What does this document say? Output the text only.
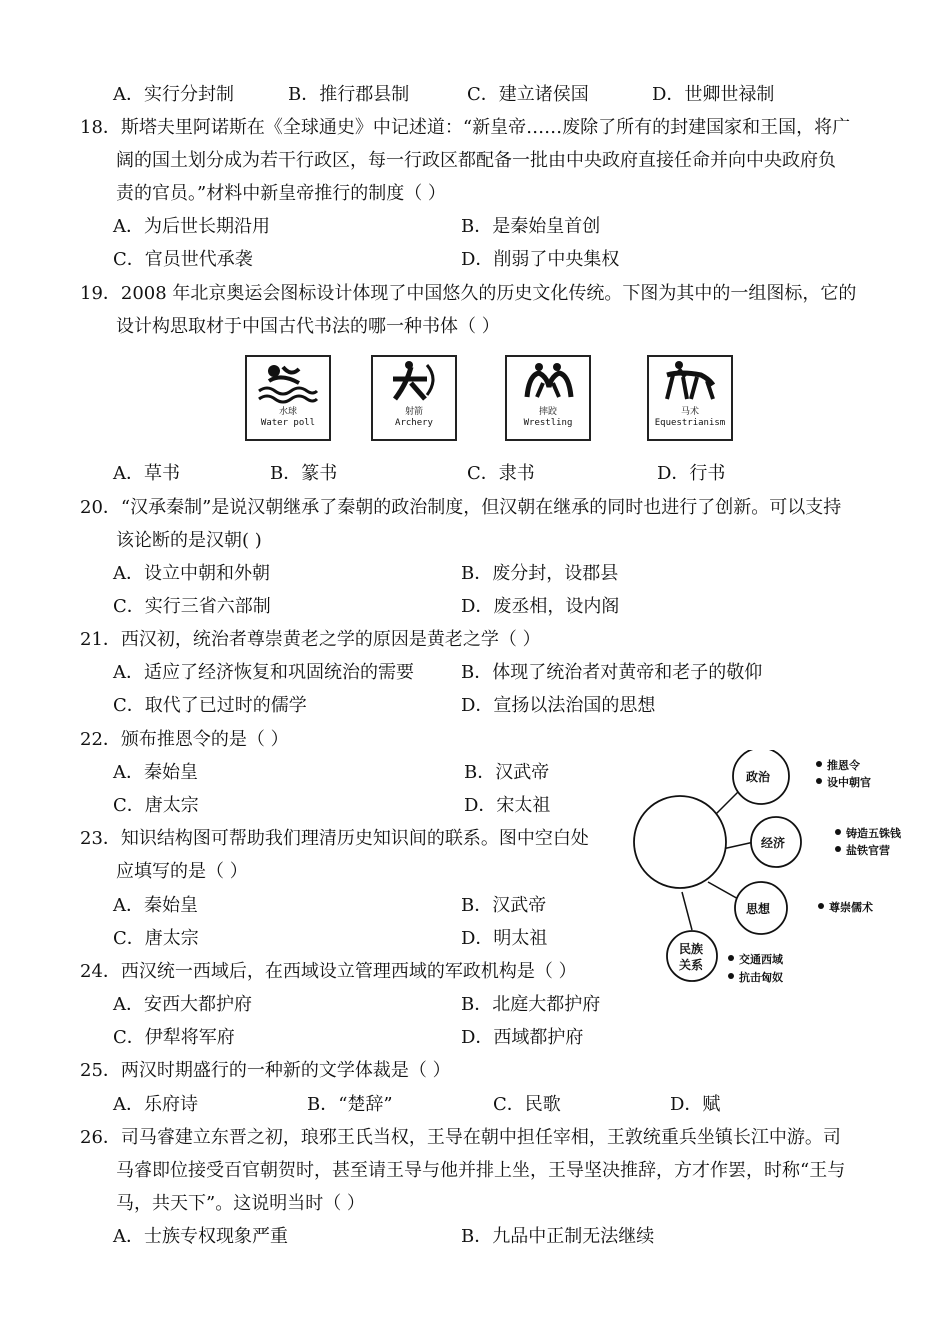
A．实行分封制	B．推行郡县制	C．建立诸侯国	D．世卿世禄制
18．斯塔夫里阿诺斯在《全球通史》中记述道：“新皇帝……废除了所有的封建国家和王国，将广
阔的国土划分成为若干行政区，每一行政区都配备一批由中央政府直接任命并向中央政府负
责的官员。”材料中新皇帝推行的制度（ ）
A．为后世长期沿用	B．是秦始皇首创
C．官员世代承袭	D．削弱了中央集权
19．2008 年北京奥运会图标设计体现了中国悠久的历史文化传统。下图为其中的一组图标，它的
设计构思取材于中国古代书法的哪一种书体（ ）
水球
Water poll
射箭
Archery
摔跤
Wrestling
马术
Equestrianism
A．草书	B．篆书	C．隶书	D．行书
20．“汉承秦制”是说汉朝继承了秦朝的政治制度，但汉朝在继承的同时也进行了创新。可以支持
该论断的是汉朝( )
A．设立中朝和外朝	B．废分封，设郡县
C．实行三省六部制	D．废丞相，设内阁
21．西汉初，统治者尊崇黄老之学的原因是黄老之学（ ）
A．适应了经济恢复和巩固统治的需要	B．体现了统治者对黄帝和老子的敬仰
C．取代了已过时的儒学	D．宣扬以法治国的思想
22．颁布推恩令的是（ ）
A．秦始皇	B．汉武帝
C．唐太宗	D．宋太祖
23．知识结构图可帮助我们理清历史知识间的联系。图中空白处
应填写的是（ ）
A．秦始皇	B．汉武帝
C．唐太宗	D．明太祖
政治
经济
思想
民族
关系
推恩令
设中朝官
铸造五铢钱
盐铁官营
尊崇儒术
交通西域
抗击匈奴
24．西汉统一西域后，在西域设立管理西域的军政机构是（ ）
A．安西大都护府	B．北庭大都护府
C．伊犁将军府	D．西域都护府
25．两汉时期盛行的一种新的文学体裁是（ ）
A．乐府诗	B．“楚辞”	C．民歌	D．赋
26．司马睿建立东晋之初，琅邪王氏当权，王导在朝中担任宰相，王敦统重兵坐镇长江中游。司
马睿即位接受百官朝贺时，甚至请王导与他并排上坐，王导坚决推辞，方才作罢，时称“王与
马，共天下”。这说明当时（ ）
A．士族专权现象严重	B．九品中正制无法继续
